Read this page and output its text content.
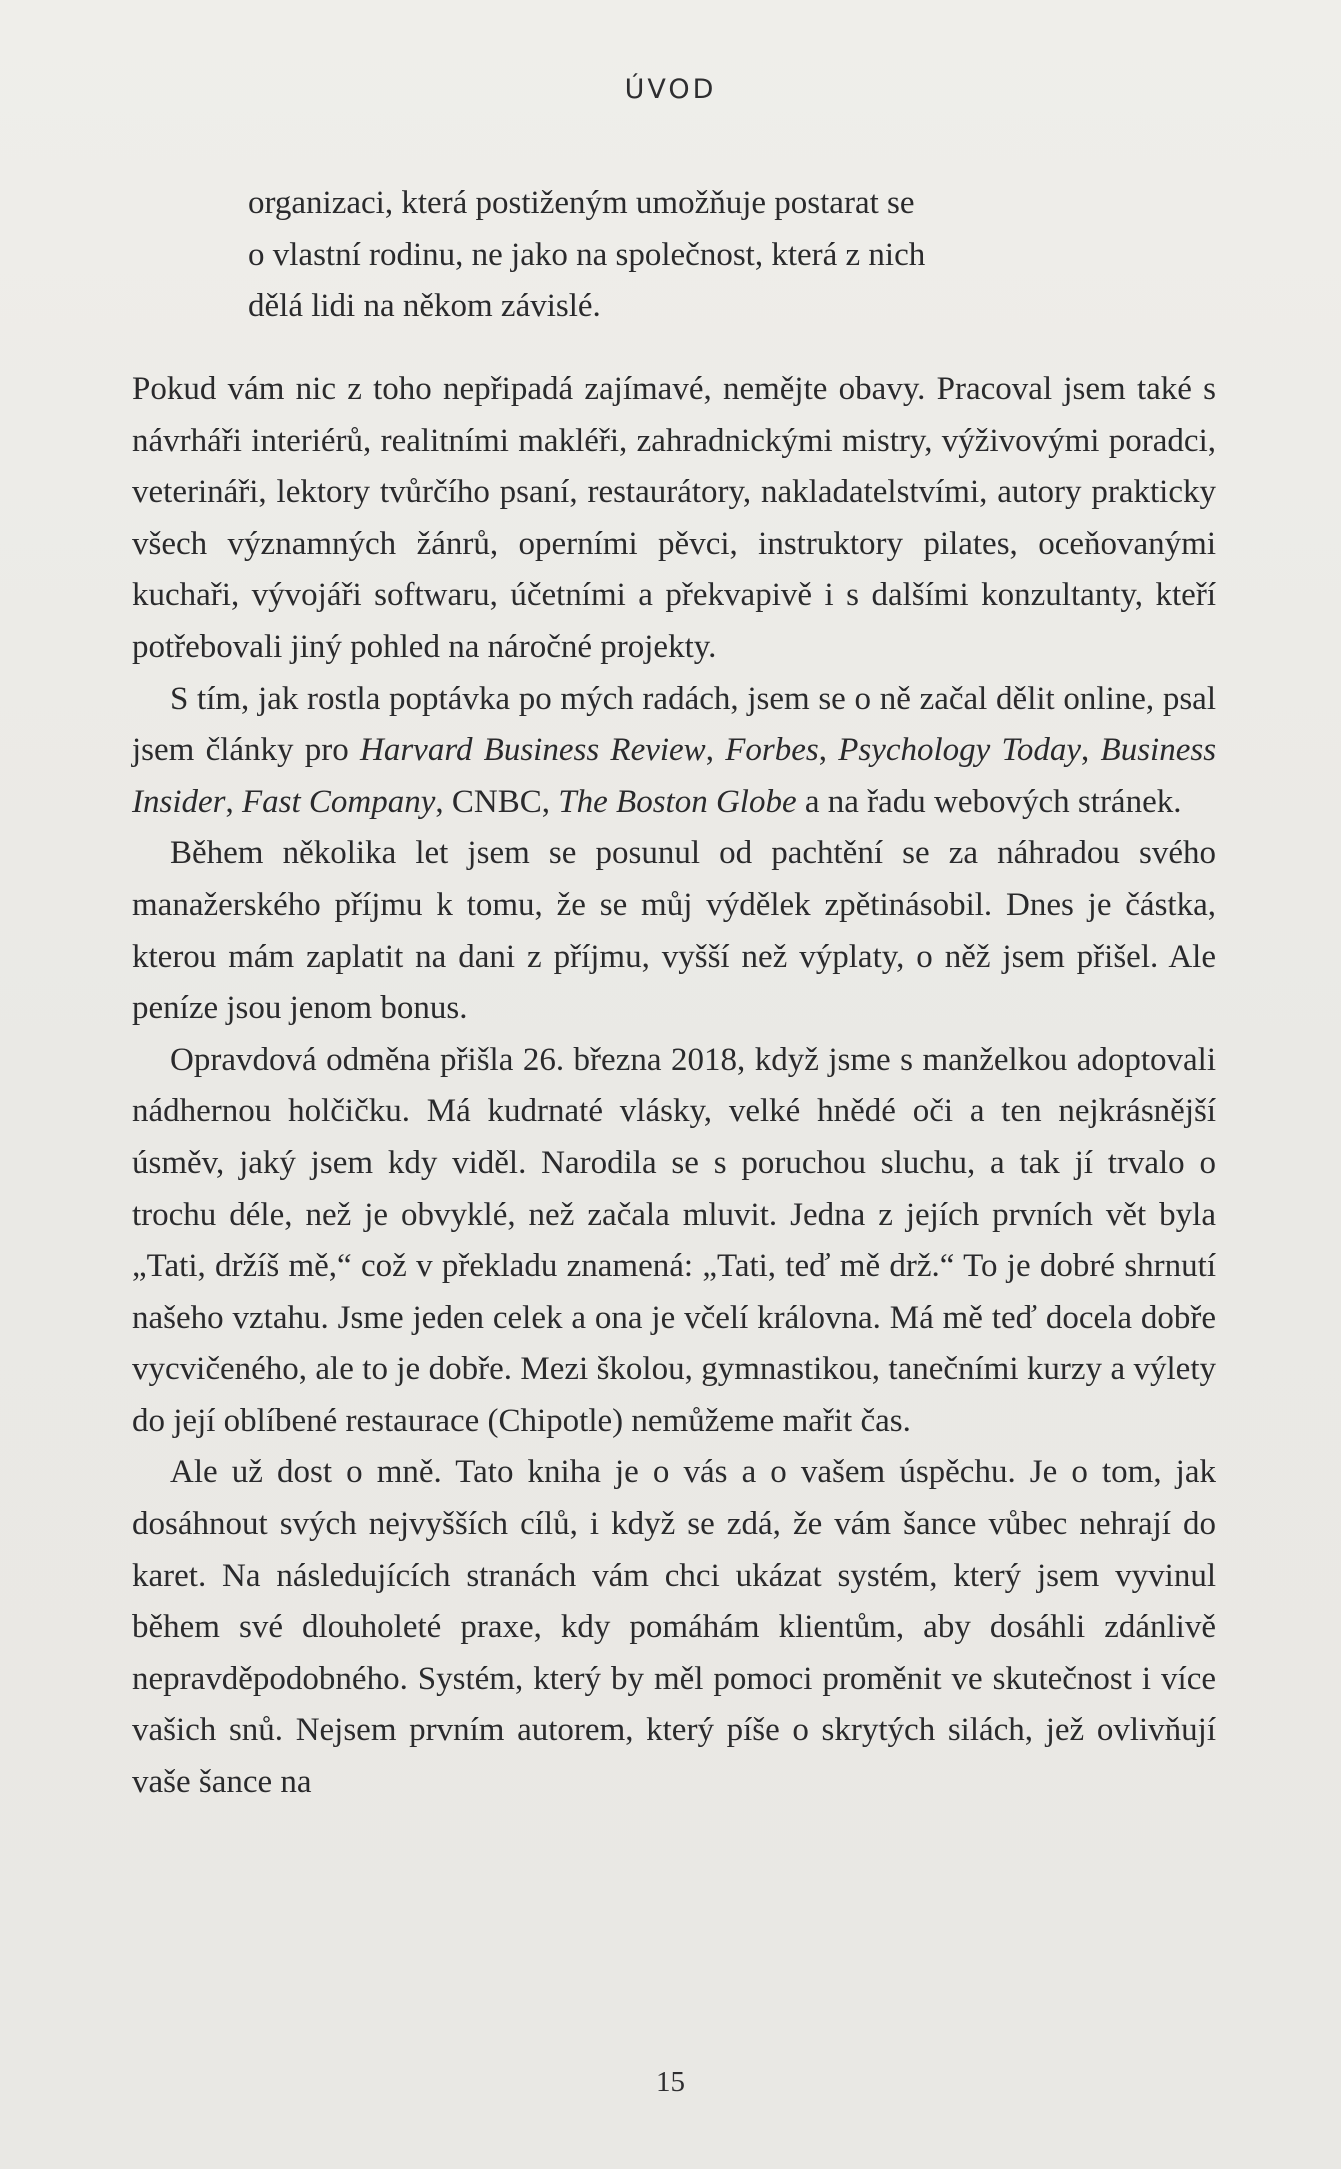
ÚVOD

organizaci, která postiženým umožňuje postarat se

o vlastní rodinu, ne jako na společnost, která z nich

dělá lidi na někom závislé.

Pokud vám nic z toho nepřipadá zajímavé, nemějte obavy. Pracoval jsem také s návrháři interiérů, realitními makléři, zahradnickými mistry, výživovými poradci, veterináři, lektory tvůrčího psaní, restaurátory, nakladatelstvími, autory prakticky všech významných žánrů, operními pěvci, instruktory pilates, oceňovanými kuchaři, vývojáři softwaru, účetními a překvapivě i s dalšími konzultanty, kteří potřebovali jiný pohled na náročné projekty.

S tím, jak rostla poptávka po mých radách, jsem se o ně začal dělit online, psal jsem články pro Harvard Business Review, Forbes, Psychology Today, Business Insider, Fast Company, CNBC, The Boston Globe a na řadu webových stránek.

Během několika let jsem se posunul od pachtění se za náhradou svého manažerského příjmu k tomu, že se můj výdělek zpětinásobil. Dnes je částka, kterou mám zaplatit na dani z příjmu, vyšší než výplaty, o něž jsem přišel. Ale peníze jsou jenom bonus.

Opravdová odměna přišla 26. března 2018, když jsme s manželkou adoptovali nádhernou holčičku. Má kudrnaté vlásky, velké hnědé oči a ten nejkrásnější úsměv, jaký jsem kdy viděl. Narodila se s poruchou sluchu, a tak jí trvalo o trochu déle, než je obvyklé, než začala mluvit. Jedna z jejích prvních vět byla „Tati, držíš mě,“ což v překladu znamená: „Tati, teď mě drž.“ To je dobré shrnutí našeho vztahu. Jsme jeden celek a ona je včelí královna. Má mě teď docela dobře vycvičeného, ale to je dobře. Mezi školou, gymnastikou, tanečními kurzy a výlety do její oblíbené restaurace (Chipotle) nemůžeme mařit čas.

Ale už dost o mně. Tato kniha je o vás a o vašem úspěchu. Je o tom, jak dosáhnout svých nejvyšších cílů, i když se zdá, že vám šance vůbec nehrají do karet. Na následujících stranách vám chci ukázat systém, který jsem vyvinul během své dlouholeté praxe, kdy pomáhám klientům, aby dosáhli zdánlivě nepravděpodobného. Systém, který by měl pomoci proměnit ve skutečnost i více vašich snů. Nejsem prvním autorem, který píše o skrytých silách, jež ovlivňují vaše šance na

15
